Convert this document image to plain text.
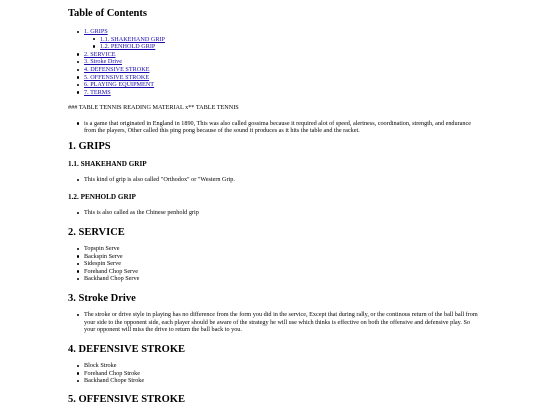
Table of Contents
1. GRIPS
1.1. SHAKEHAND GRIP
1.2. PENHOLD GRIP
2. SERVICE
3. Stroke Drive
4. DEFENSIVE STROKE
5. OFFENSIVE STROKE
6. PLAYING EQUIPMENT
7. TERMS
### TABLE TENNIS READING MATERIAL x** TABLE TENNIS
is a game that originated in England in 1890, This was also called gossima because it required alot of speed, alertness, coordination, strength, and endurance from the players, Other called this ping pong because of the sound it produces as it hits the table and the racket.
1. GRIPS
1.1. SHAKEHAND GRIP
This kind of grip is also called "Orthodox" or "Western Grip.
1.2. PENHOLD GRIP
This is also called as the Chinese penhold grip
2. SERVICE
Topspin Serve
Backspin Serve
Sidespin Serve
Forehand Chop Serve
Backhand Chop Serve
3. Stroke Drive
The stroke or drive style in playing has no difference from the form you did in the service, Except that during rally, or the continous return of the ball ball from your side to the opponent side, each player should be aware of the strategy he will use which thinks is effective on both the offensive and defensive play. So your opponent will miss the drive to return the ball back to you.
4. DEFENSIVE STROKE
Block Stroke
Forehand Chop Stroke
Backhand Chope Stroke
5. OFFENSIVE STROKE
